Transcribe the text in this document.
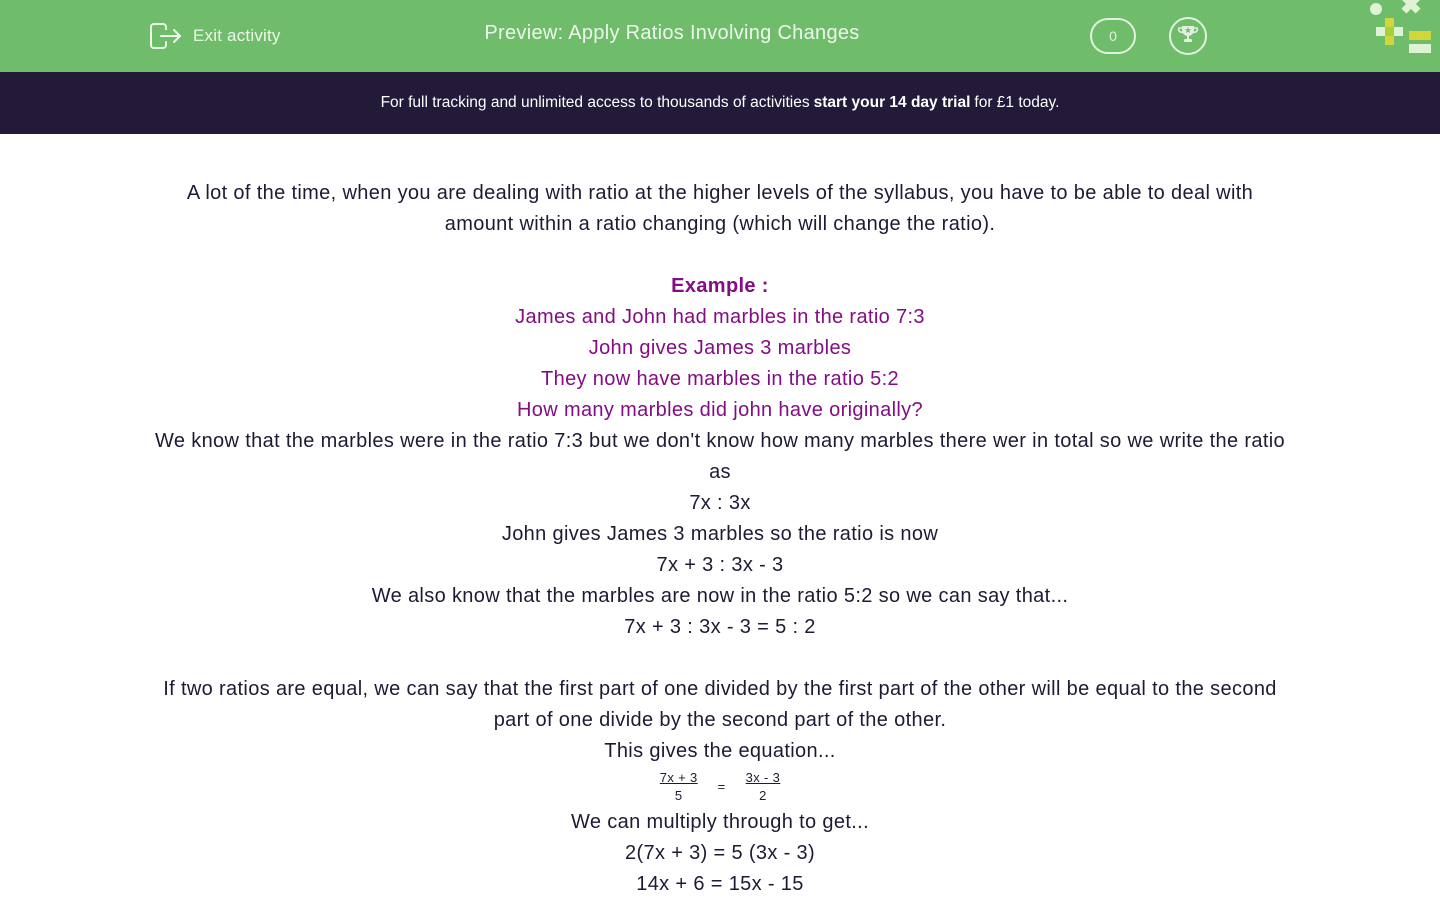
Exit activity	Preview: Apply Ratios Involving Changes	0
For full tracking and unlimited access to thousands of activities start your 14 day trial for £1 today.

A lot of the time, when you are dealing with ratio at the higher levels of the syllabus, you have to be able to deal with amount within a ratio changing (which will change the ratio).

Example :

James and John had marbles in the ratio 7:3

John gives James 3 marbles

They now have marbles in the ratio 5:2

How many marbles did john have originally?

We know that the marbles were in the ratio 7:3 but we don't know how many marbles there wer in total so we write the ratio as

7x : 3x

John gives James 3 marbles so the ratio is now

7x + 3 : 3x - 3

We also know that the marbles are now in the ratio 5:2 so we can say that...

7x + 3 : 3x - 3 = 5 : 2

If two ratios are equal, we can say that the first part of one divided by the first part of the other will be equal to the second part of one divide by the second part of the other.

This gives the equation...

$\frac{7x + 3}{5} = \frac{3x - 3}{2}$

We can multiply through to get...

2(7x + 3) = 5 (3x - 3)

14x + 6 = 15x - 15
